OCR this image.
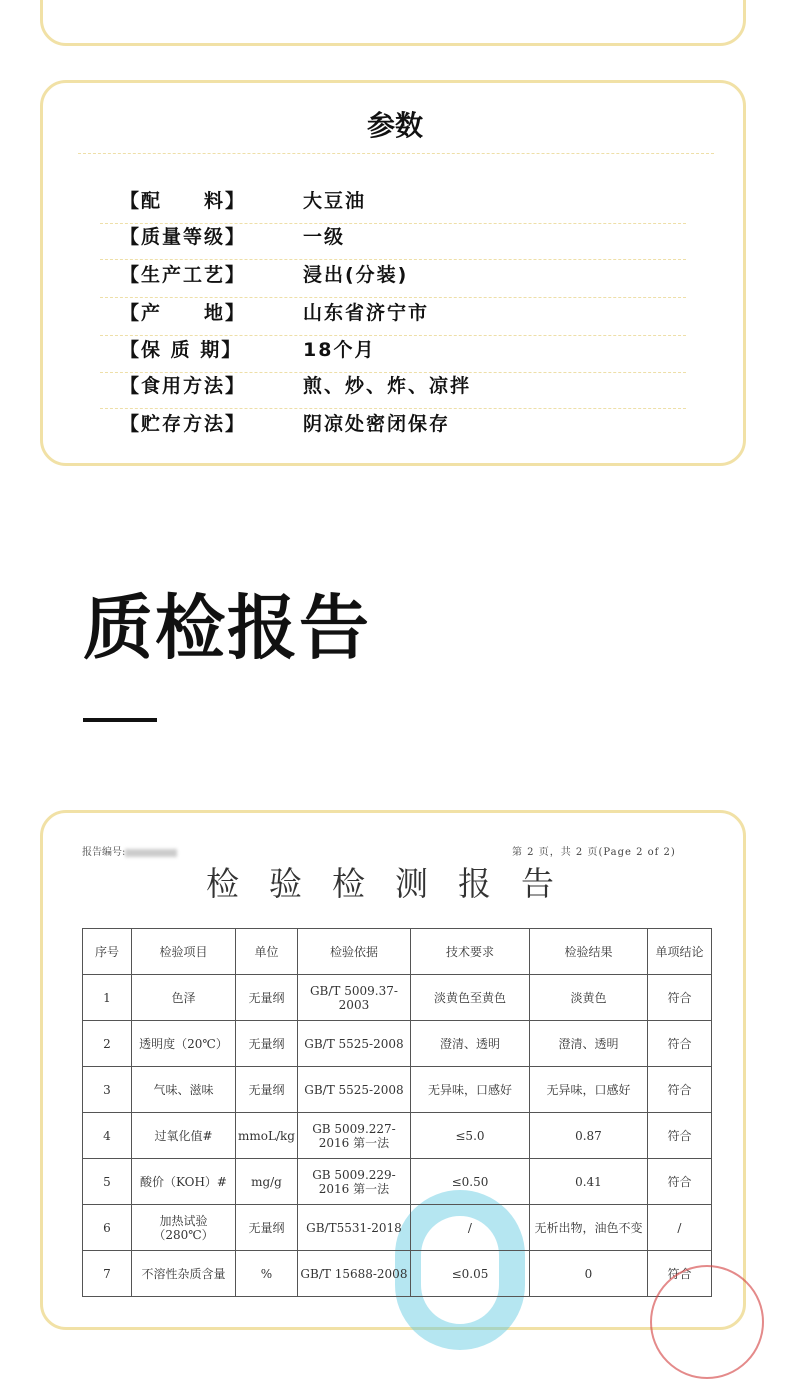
参数
【配　　料】	大豆油
【质量等级】	一级
【生产工艺】	浸出(分装)
【产　　地】	山东省济宁市
【保 质 期】	18个月
【食用方法】	煎、炒、炸、凉拌
【贮存方法】	阴凉处密闭保存
质检报告
报告编号:	第 2 页，共 2 页(Page 2 of 2)
检验检测报告
序号	检验项目	单位	检验依据	技术要求	检验结果	单项结论
1	色泽	无量纲	GB/T 5009.37-2003	淡黄色至黄色	淡黄色	符合
2	透明度（20℃）	无量纲	GB/T 5525-2008	澄清、透明	澄清、透明	符合
3	气味、滋味	无量纲	GB/T 5525-2008	无异味，口感好	无异味，口感好	符合
4	过氧化值#	mmoL/kg	GB 5009.227-2016 第一法	≤5.0	0.87	符合
5	酸价（KOH）#	mg/g	GB 5009.229-2016 第一法	≤0.50	0.41	符合
6	加热试验（280℃）	无量纲	GB/T5531-2018	/	无析出物，油色不变	/
7	不溶性杂质含量	%	GB/T 15688-2008	≤0.05	0	符合
